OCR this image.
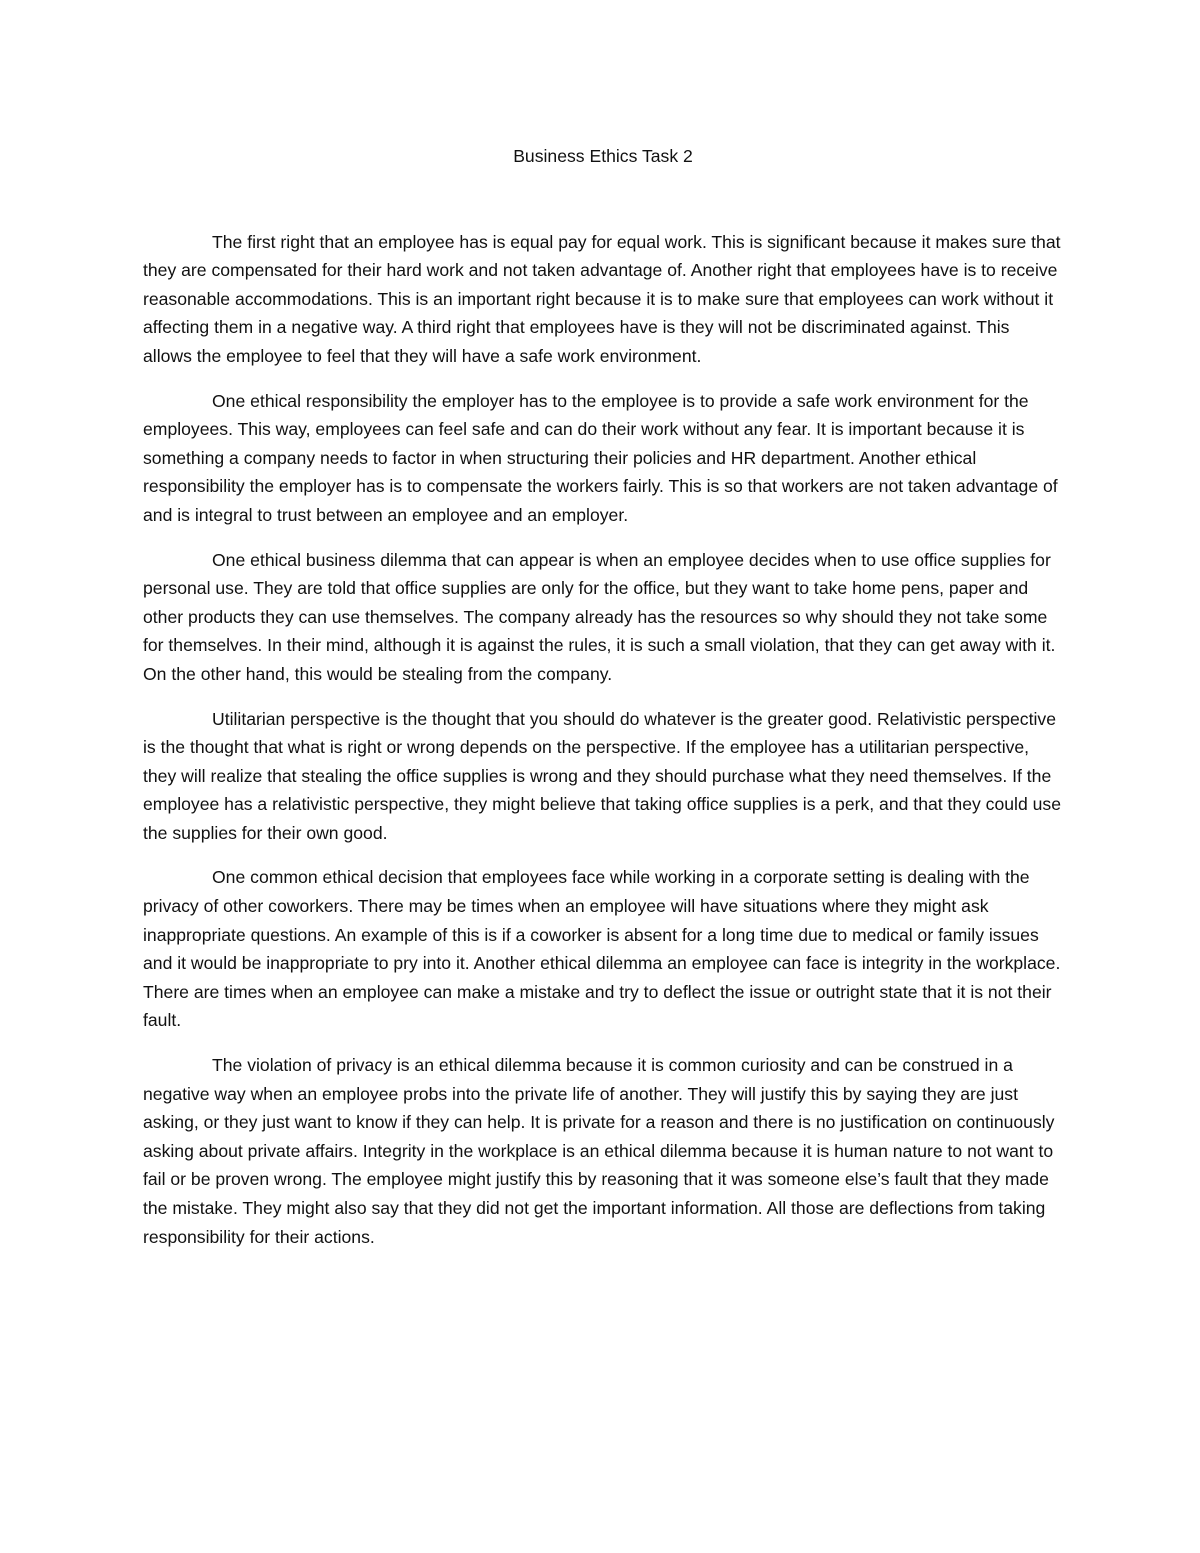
Business Ethics Task 2

The first right that an employee has is equal pay for equal work. This is significant because it makes sure that they are compensated for their hard work and not taken advantage of. Another right that employees have is to receive reasonable accommodations. This is an important right because it is to make sure that employees can work without it affecting them in a negative way. A third right that employees have is they will not be discriminated against. This allows the employee to feel that they will have a safe work environment.

One ethical responsibility the employer has to the employee is to provide a safe work environment for the employees. This way, employees can feel safe and can do their work without any fear. It is important because it is something a company needs to factor in when structuring their policies and HR department. Another ethical responsibility the employer has is to compensate the workers fairly. This is so that workers are not taken advantage of and is integral to trust between an employee and an employer.

One ethical business dilemma that can appear is when an employee decides when to use office supplies for personal use. They are told that office supplies are only for the office, but they want to take home pens, paper and other products they can use themselves. The company already has the resources so why should they not take some for themselves. In their mind, although it is against the rules, it is such a small violation, that they can get away with it. On the other hand, this would be stealing from the company.

Utilitarian perspective is the thought that you should do whatever is the greater good. Relativistic perspective is the thought that what is right or wrong depends on the perspective. If the employee has a utilitarian perspective, they will realize that stealing the office supplies is wrong and they should purchase what they need themselves. If the employee has a relativistic perspective, they might believe that taking office supplies is a perk, and that they could use the supplies for their own good.

One common ethical decision that employees face while working in a corporate setting is dealing with the privacy of other coworkers. There may be times when an employee will have situations where they might ask inappropriate questions. An example of this is if a coworker is absent for a long time due to medical or family issues and it would be inappropriate to pry into it. Another ethical dilemma an employee can face is integrity in the workplace. There are times when an employee can make a mistake and try to deflect the issue or outright state that it is not their fault.

The violation of privacy is an ethical dilemma because it is common curiosity and can be construed in a negative way when an employee probs into the private life of another. They will justify this by saying they are just asking, or they just want to know if they can help. It is private for a reason and there is no justification on continuously asking about private affairs. Integrity in the workplace is an ethical dilemma because it is human nature to not want to fail or be proven wrong. The employee might justify this by reasoning that it was someone else’s fault that they made the mistake. They might also say that they did not get the important information. All those are deflections from taking responsibility for their actions.
